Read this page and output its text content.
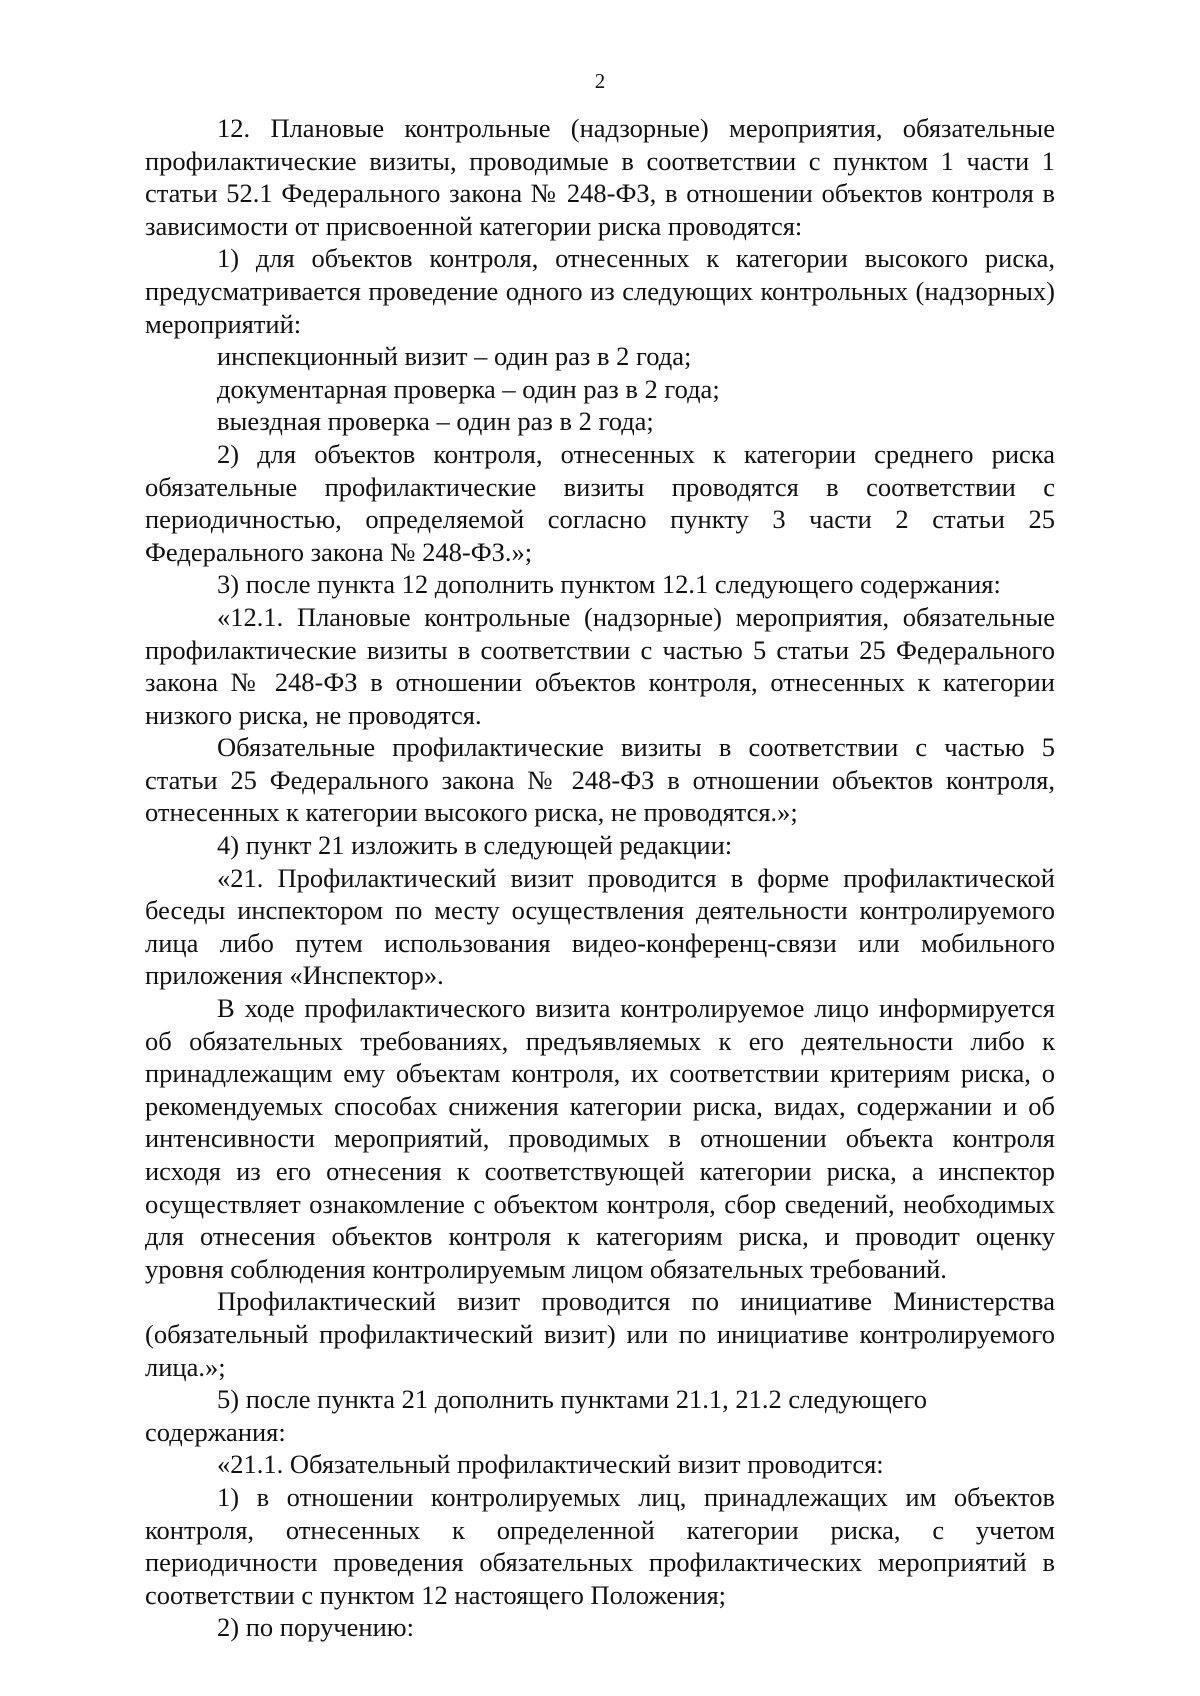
2

12. Плановые контрольные (надзорные) мероприятия, обязательные профилактические визиты, проводимые в соответствии с пунктом 1 части 1 статьи 52.1 Федерального закона № 248-ФЗ, в отношении объектов контроля в зависимости от присвоенной категории риска проводятся:

1) для объектов контроля, отнесенных к категории высокого риска, предусматривается проведение одного из следующих контрольных (надзорных) мероприятий:

инспекционный визит – один раз в 2 года;

документарная проверка – один раз в 2 года;

выездная проверка – один раз в 2 года;

2) для объектов контроля, отнесенных к категории среднего риска обязательные профилактические визиты проводятся в соответствии с периодичностью, определяемой согласно пункту 3 части 2 статьи 25 Федерального закона № 248-ФЗ.»;

3) после пункта 12 дополнить пунктом 12.1 следующего содержания:

«12.1. Плановые контрольные (надзорные) мероприятия, обязательные профилактические визиты в соответствии с частью 5 статьи 25 Федерального закона № 248-ФЗ в отношении объектов контроля, отнесенных к категории низкого риска, не проводятся.

Обязательные профилактические визиты в соответствии с частью 5 статьи 25 Федерального закона № 248-ФЗ в отношении объектов контроля, отнесенных к категории высокого риска, не проводятся.»;

4) пункт 21 изложить в следующей редакции:

«21. Профилактический визит проводится в форме профилактической беседы инспектором по месту осуществления деятельности контролируемого лица либо путем использования видео-конференц-связи или мобильного приложения «Инспектор».

В ходе профилактического визита контролируемое лицо информируется об обязательных требованиях, предъявляемых к его деятельности либо к принадлежащим ему объектам контроля, их соответствии критериям риска, о рекомендуемых способах снижения категории риска, видах, содержании и об интенсивности мероприятий, проводимых в отношении объекта контроля исходя из его отнесения к соответствующей категории риска, а инспектор осуществляет ознакомление с объектом контроля, сбор сведений, необходимых для отнесения объектов контроля к категориям риска, и проводит оценку уровня соблюдения контролируемым лицом обязательных требований.

Профилактический визит проводится по инициативе Министерства (обязательный профилактический визит) или по инициативе контролируемого лица.»;

5) после пункта 21 дополнить пунктами 21.1, 21.2 следующего содержания:

«21.1. Обязательный профилактический визит проводится:

1) в отношении контролируемых лиц, принадлежащих им объектов контроля, отнесенных к определенной категории риска, с учетом периодичности проведения обязательных профилактических мероприятий в соответствии с пунктом 12 настоящего Положения;

2) по поручению:
